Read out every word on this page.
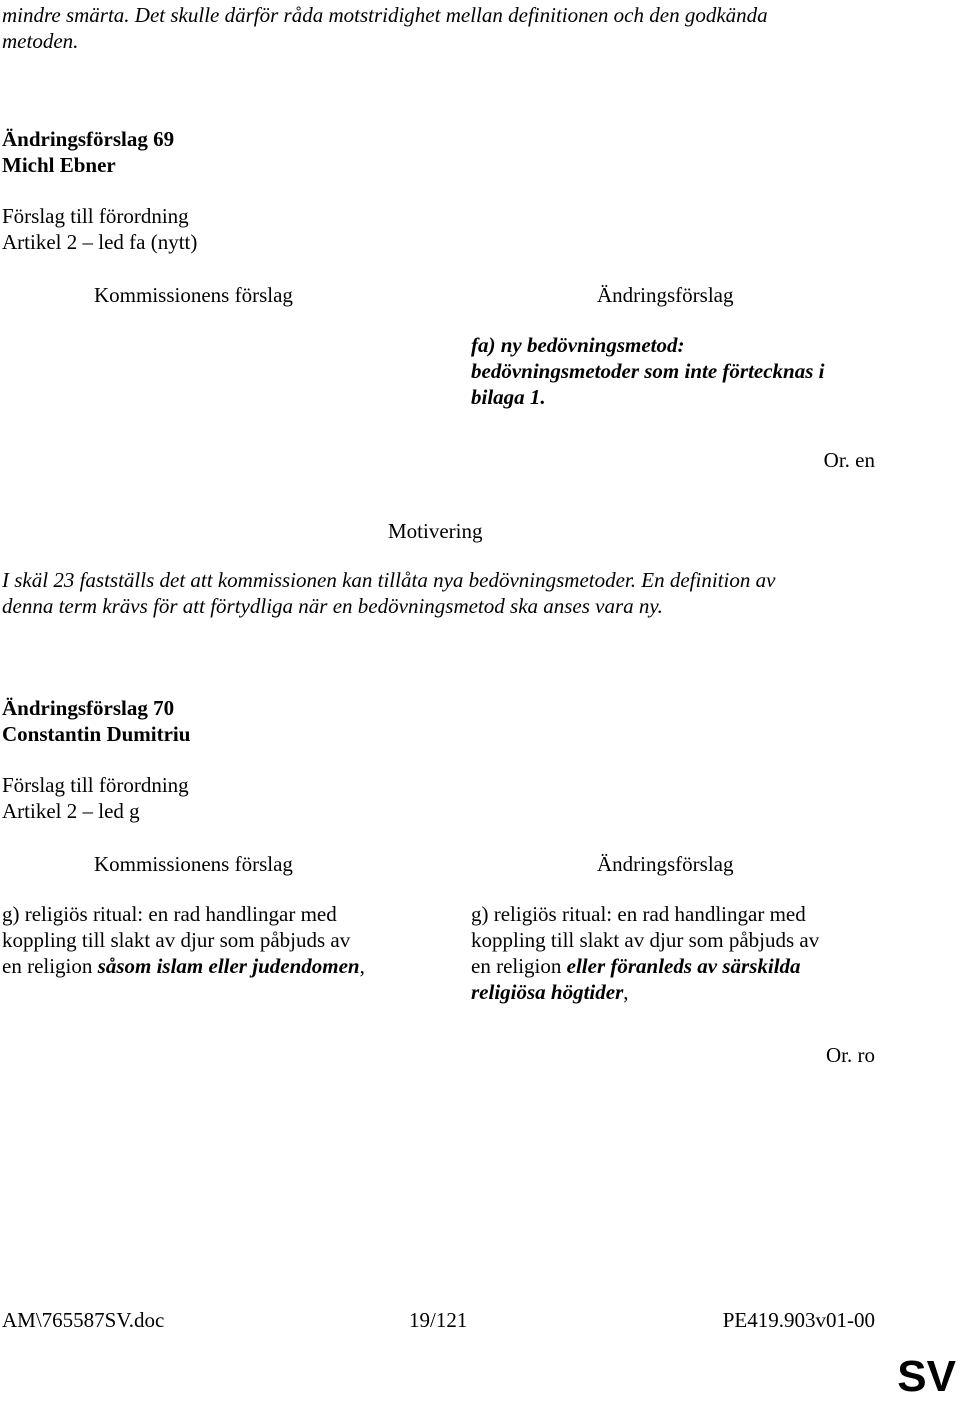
mindre smärta. Det skulle därför råda motstridighet mellan definitionen och den godkända
metoden.
Ändringsförslag 69
Michl Ebner
Förslag till förordning
Artikel 2 – led fa (nytt)
Kommissionens förslag	Ändringsförslag
fa) ny bedövningsmetod:
bedövningsmetoder som inte förtecknas i
bilaga 1.
Or. en
Motivering
I skäl 23 fastställs det att kommissionen kan tillåta nya bedövningsmetoder. En definition av
denna term krävs för att förtydliga när en bedövningsmetod ska anses vara ny.
Ändringsförslag 70
Constantin Dumitriu
Förslag till förordning
Artikel 2 – led g
Kommissionens förslag	Ändringsförslag
g) religiös ritual: en rad handlingar med
koppling till slakt av djur som påbjuds av
en religion såsom islam eller judendomen,
g) religiös ritual: en rad handlingar med
koppling till slakt av djur som påbjuds av
en religion eller föranleds av särskilda
religiösa högtider,
Or. ro
AM\765587SV.doc	19/121	PE419.903v01-00
SV
